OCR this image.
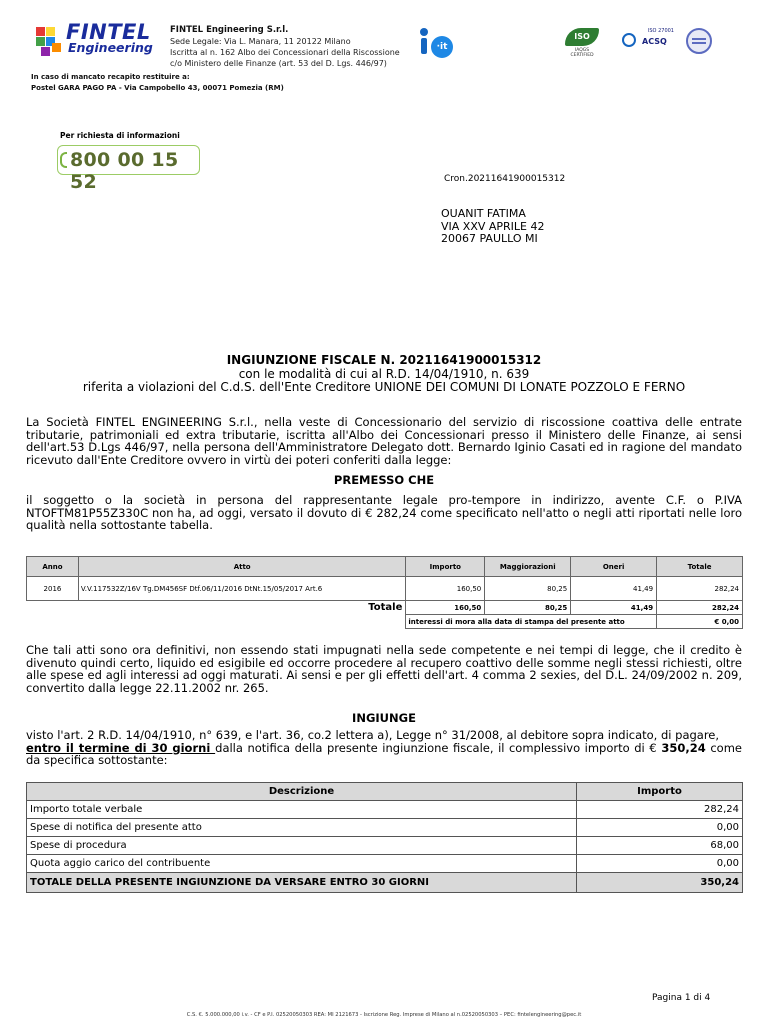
FINTEL
Engineering
FINTEL Engineering S.r.l.
Sede Legale: Via L. Manara, 11 20122 Milano
Iscritta al n. 162 Albo dei Concessionari della Riscossione
c/o Ministero delle Finanze (art. 53 del D. Lgs. 446/97)
In caso di mancato recapito restituire a:
Postel GARA PAGO PA - Via Campobello 43, 00071 Pomezia (RM)
·it
ISO
IAQGS
CERTIFIED
ISO 27001
ACSQ
Per richiesta di informazioni
800 00 15 52	Cron.20211641900015312
OUANIT FATIMA
VIA XXV APRILE 42
20067 PAULLO MI
INGIUNZIONE FISCALE N. 20211641900015312
con le modalità di cui al R.D. 14/04/1910, n. 639
riferita a violazioni del C.d.S. dell'Ente Creditore UNIONE DEI COMUNI DI LONATE POZZOLO E FERNO
La Società FINTEL ENGINEERING S.r.l., nella veste di Concessionario del servizio di riscossione coattiva delle entrate tributarie, patrimoniali ed extra tributarie, iscritta all'Albo dei Concessionari presso il Ministero delle Finanze, ai sensi dell'art.53 D.Lgs 446/97, nella persona dell'Amministratore Delegato dott. Bernardo Iginio Casati ed in ragione del mandato ricevuto dall'Ente Creditore ovvero in virtù dei poteri conferiti dalla legge:
PREMESSO CHE
il soggetto o la società in persona del rappresentante legale pro-tempore in indirizzo, avente C.F. o P.IVA NTOFTM81P55Z330C non ha, ad oggi, versato il dovuto di € 282,24 come specificato nell'atto o negli atti riportati nelle loro qualità nella sottostante tabella.
Anno	Atto	Importo	Maggiorazioni	Oneri	Totale
2016	V.V.117532Z/16V Tg.DM456SF Dtf.06/11/2016 DtNt.15/05/2017 Art.6	160,50	80,25	41,49	282,24
Totale		160,50	80,25	41,49	282,24
		interessi di mora alla data di stampa del presente atto			€ 0,00
Che tali atti sono ora definitivi, non essendo stati impugnati nella sede competente e nei tempi di legge, che il credito è divenuto quindi certo, liquido ed esigibile ed occorre procedere al recupero coattivo delle somme negli stessi richiesti, oltre alle spese ed agli interessi ad oggi maturati. Ai sensi e per gli effetti dell'art. 4 comma 2 sexies, del D.L. 24/09/2002 n. 209, convertito dalla legge 22.11.2002 nr. 265.
INGIUNGE
visto l'art. 2 R.D. 14/04/1910, n° 639, e l'art. 36, co.2 lettera a), Legge n° 31/2008, al debitore sopra indicato, di pagare,
entro il termine di 30 giorni dalla notifica della presente ingiunzione fiscale, il complessivo importo di € 350,24 come da specifica sottostante:
Descrizione	Importo
Importo totale verbale	282,24
Spese di notifica del presente atto	0,00
Spese di procedura	68,00
Quota aggio carico del contribuente	0,00
TOTALE DELLA PRESENTE INGIUNZIONE DA VERSARE ENTRO 30 GIORNI	350,24
Pagina 1 di 4
C.S. €. 5.000.000,00 i.v. - CF e P.I. 02520050303 REA: MI 2121673 - Iscrizione Reg. Imprese di Milano al n.02520050303 – PEC: fintelengineering@pec.it
